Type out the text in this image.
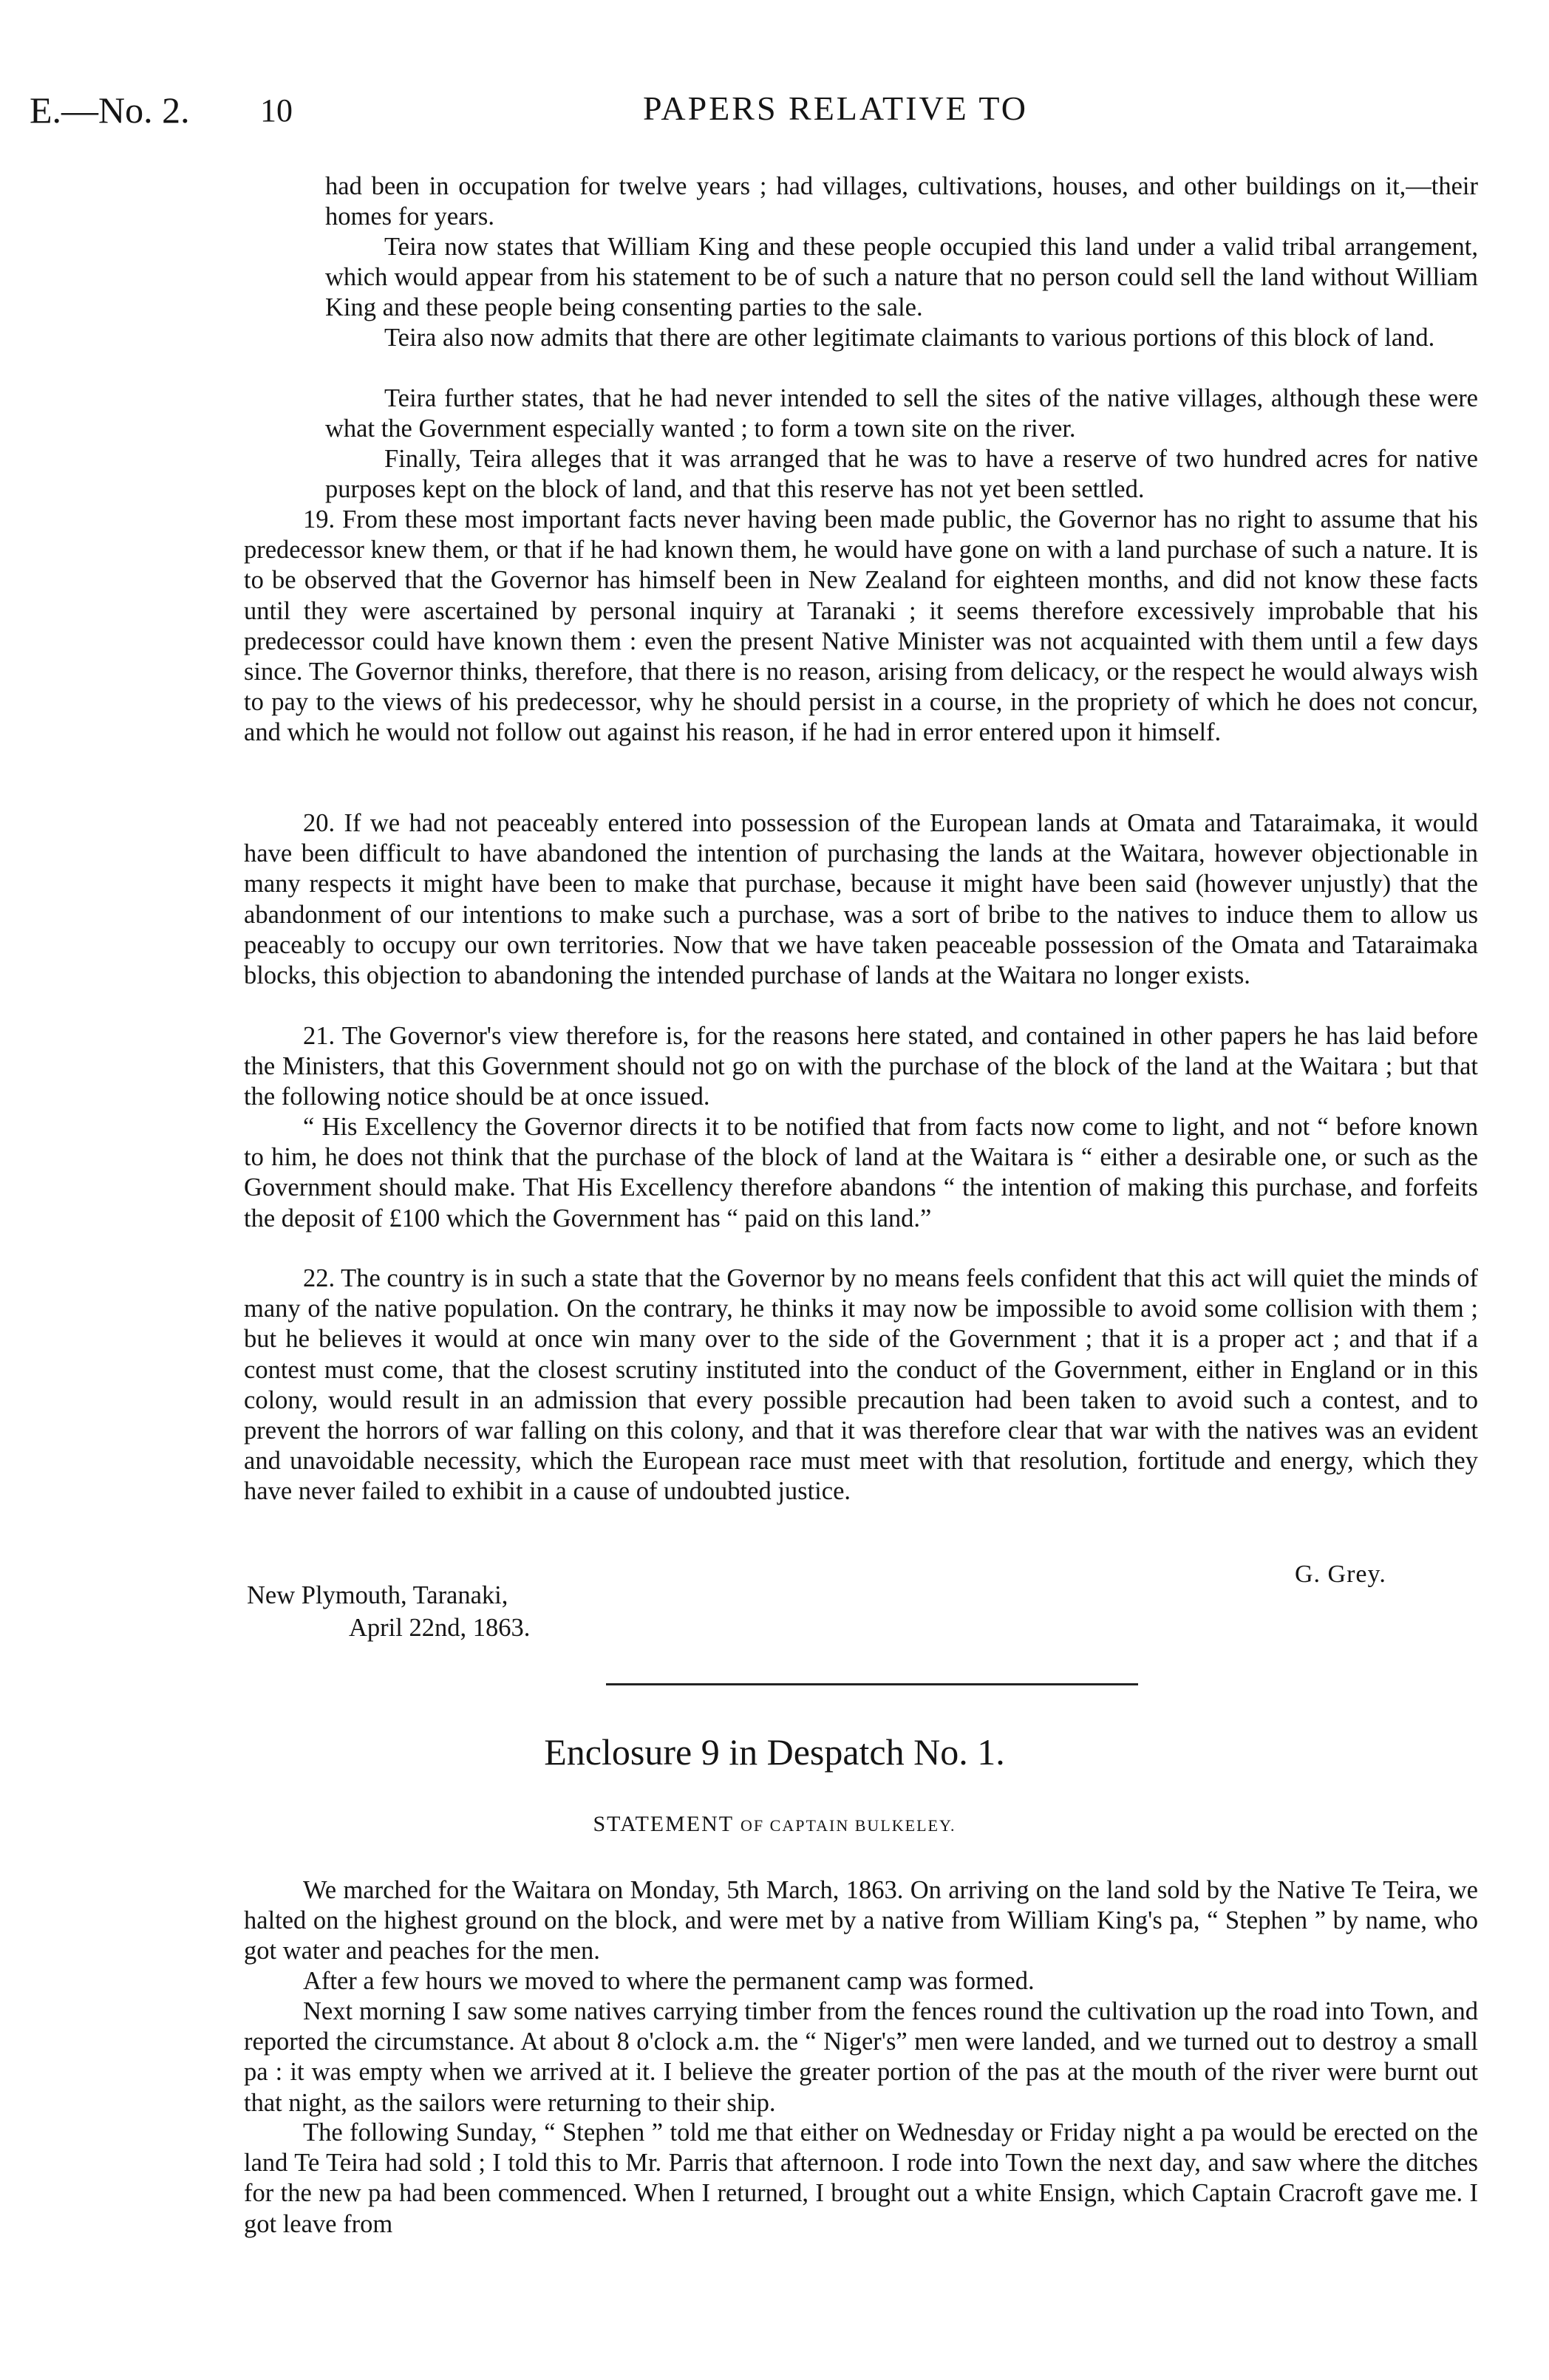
E.—No. 2. 10	PAPERS RELATIVE TO

had been in occupation for twelve years ; had villages, cultivations, houses, and other buildings on it,—their homes for years.

Teira now states that William King and these people occupied this land under a valid tribal arrangement, which would appear from his statement to be of such a nature that no person could sell the land without William King and these people being consenting parties to the sale.

Teira also now admits that there are other legitimate claimants to various portions of this block of land.

Teira further states, that he had never intended to sell the sites of the native villages, although these were what the Government especially wanted ; to form a town site on the river.

Finally, Teira alleges that it was arranged that he was to have a reserve of two hundred acres for native purposes kept on the block of land, and that this reserve has not yet been settled.

19. From these most important facts never having been made public, the Governor has no right to assume that his predecessor knew them, or that if he had known them, he would have gone on with a land purchase of such a nature. It is to be observed that the Governor has himself been in New Zealand for eighteen months, and did not know these facts until they were ascertained by personal inquiry at Taranaki ; it seems therefore excessively improbable that his predecessor could have known them : even the present Native Minister was not acquainted with them until a few days since. The Governor thinks, therefore, that there is no reason, arising from delicacy, or the respect he would always wish to pay to the views of his predecessor, why he should persist in a course, in the propriety of which he does not concur, and which he would not follow out against his reason, if he had in error entered upon it himself.

20. If we had not peaceably entered into possession of the European lands at Omata and Tataraimaka, it would have been difficult to have abandoned the intention of purchasing the lands at the Waitara, however objectionable in many respects it might have been to make that purchase, because it might have been said (however unjustly) that the abandonment of our intentions to make such a purchase, was a sort of bribe to the natives to induce them to allow us peaceably to occupy our own territories. Now that we have taken peaceable possession of the Omata and Tataraimaka blocks, this objection to abandoning the intended purchase of lands at the Waitara no longer exists.

21. The Governor's view therefore is, for the reasons here stated, and contained in other papers he has laid before the Ministers, that this Government should not go on with the purchase of the block of the land at the Waitara ; but that the following notice should be at once issued.

“ His Excellency the Governor directs it to be notified that from facts now come to light, and not “ before known to him, he does not think that the purchase of the block of land at the Waitara is “ either a desirable one, or such as the Government should make. That His Excellency therefore abandons “ the intention of making this purchase, and forfeits the deposit of £100 which the Government has “ paid on this land.”

22. The country is in such a state that the Governor by no means feels confident that this act will quiet the minds of many of the native population. On the contrary, he thinks it may now be impossible to avoid some collision with them ; but he believes it would at once win many over to the side of the Government ; that it is a proper act ; and that if a contest must come, that the closest scrutiny instituted into the conduct of the Government, either in England or in this colony, would result in an admission that every possible precaution had been taken to avoid such a contest, and to prevent the horrors of war falling on this colony, and that it was therefore clear that war with the natives was an evident and unavoidable necessity, which the European race must meet with that resolution, fortitude and energy, which they have never failed to exhibit in a cause of undoubted justice.

G. Grey.
New Plymouth, Taranaki,
April 22nd, 1863.
Enclosure 9 in Despatch No. 1.
STATEMENT OF CAPTAIN BULKELEY.

We marched for the Waitara on Monday, 5th March, 1863. On arriving on the land sold by the Native Te Teira, we halted on the highest ground on the block, and were met by a native from William King's pa, “ Stephen ” by name, who got water and peaches for the men.

After a few hours we moved to where the permanent camp was formed.

Next morning I saw some natives carrying timber from the fences round the cultivation up the road into Town, and reported the circumstance. At about 8 o'clock a.m. the “ Niger's” men were landed, and we turned out to destroy a small pa : it was empty when we arrived at it. I believe the greater portion of the pas at the mouth of the river were burnt out that night, as the sailors were returning to their ship.

The following Sunday, “ Stephen ” told me that either on Wednesday or Friday night a pa would be erected on the land Te Teira had sold ; I told this to Mr. Parris that afternoon. I rode into Town the next day, and saw where the ditches for the new pa had been commenced. When I returned, I brought out a white Ensign, which Captain Cracroft gave me. I got leave from
